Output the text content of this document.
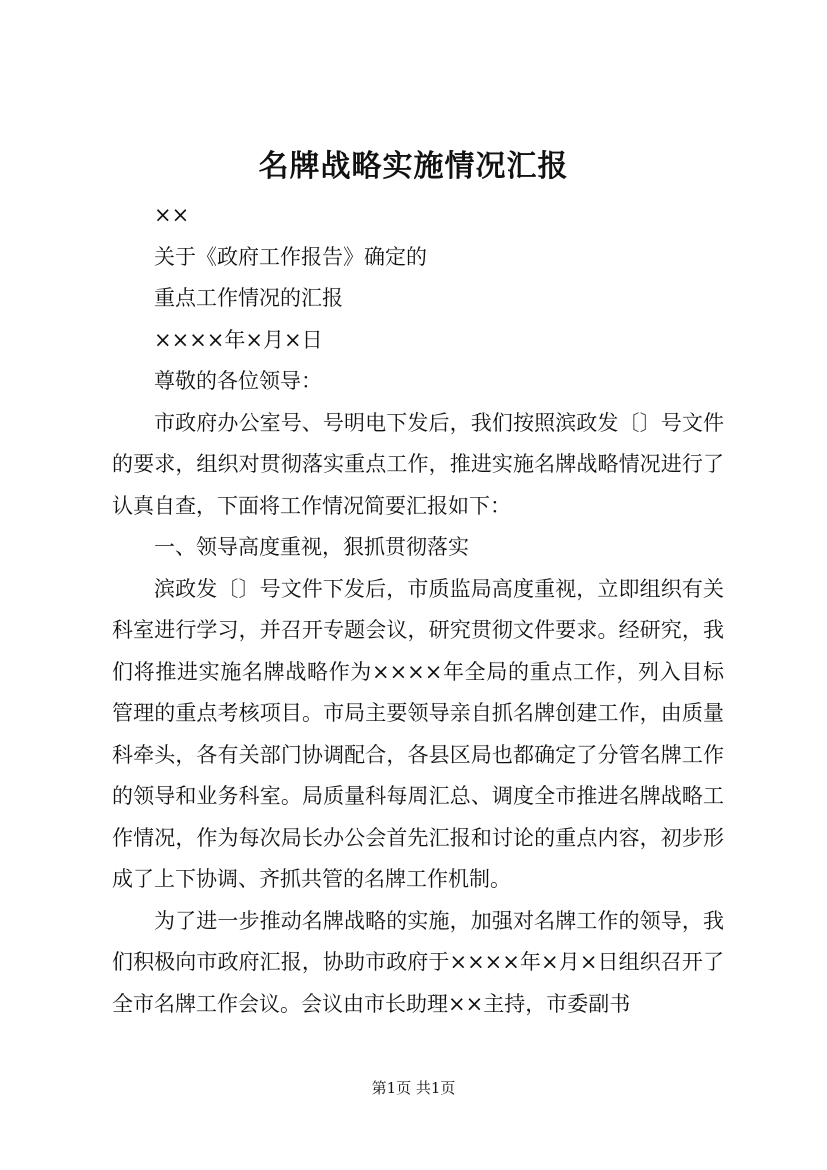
名牌战略实施情况汇报

××

关于《政府工作报告》确定的

重点工作情况的汇报

××××年×月×日

尊敬的各位领导：

市政府办公室号、号明电下发后，我们按照滨政发〔〕号文件的要求，组织对贯彻落实重点工作，推进实施名牌战略情况进行了认真自查，下面将工作情况简要汇报如下：

一、领导高度重视，狠抓贯彻落实

滨政发〔〕号文件下发后，市质监局高度重视，立即组织有关科室进行学习，并召开专题会议，研究贯彻文件要求。经研究，我们将推进实施名牌战略作为××××年全局的重点工作，列入目标管理的重点考核项目。市局主要领导亲自抓名牌创建工作，由质量科牵头，各有关部门协调配合，各县区局也都确定了分管名牌工作的领导和业务科室。局质量科每周汇总、调度全市推进名牌战略工作情况，作为每次局长办公会首先汇报和讨论的重点内容，初步形成了上下协调、齐抓共管的名牌工作机制。

为了进一步推动名牌战略的实施，加强对名牌工作的领导，我们积极向市政府汇报，协助市政府于××××年×月×日组织召开了全市名牌工作会议。会议由市长助理××主持，市委副书

第1页 共1页
